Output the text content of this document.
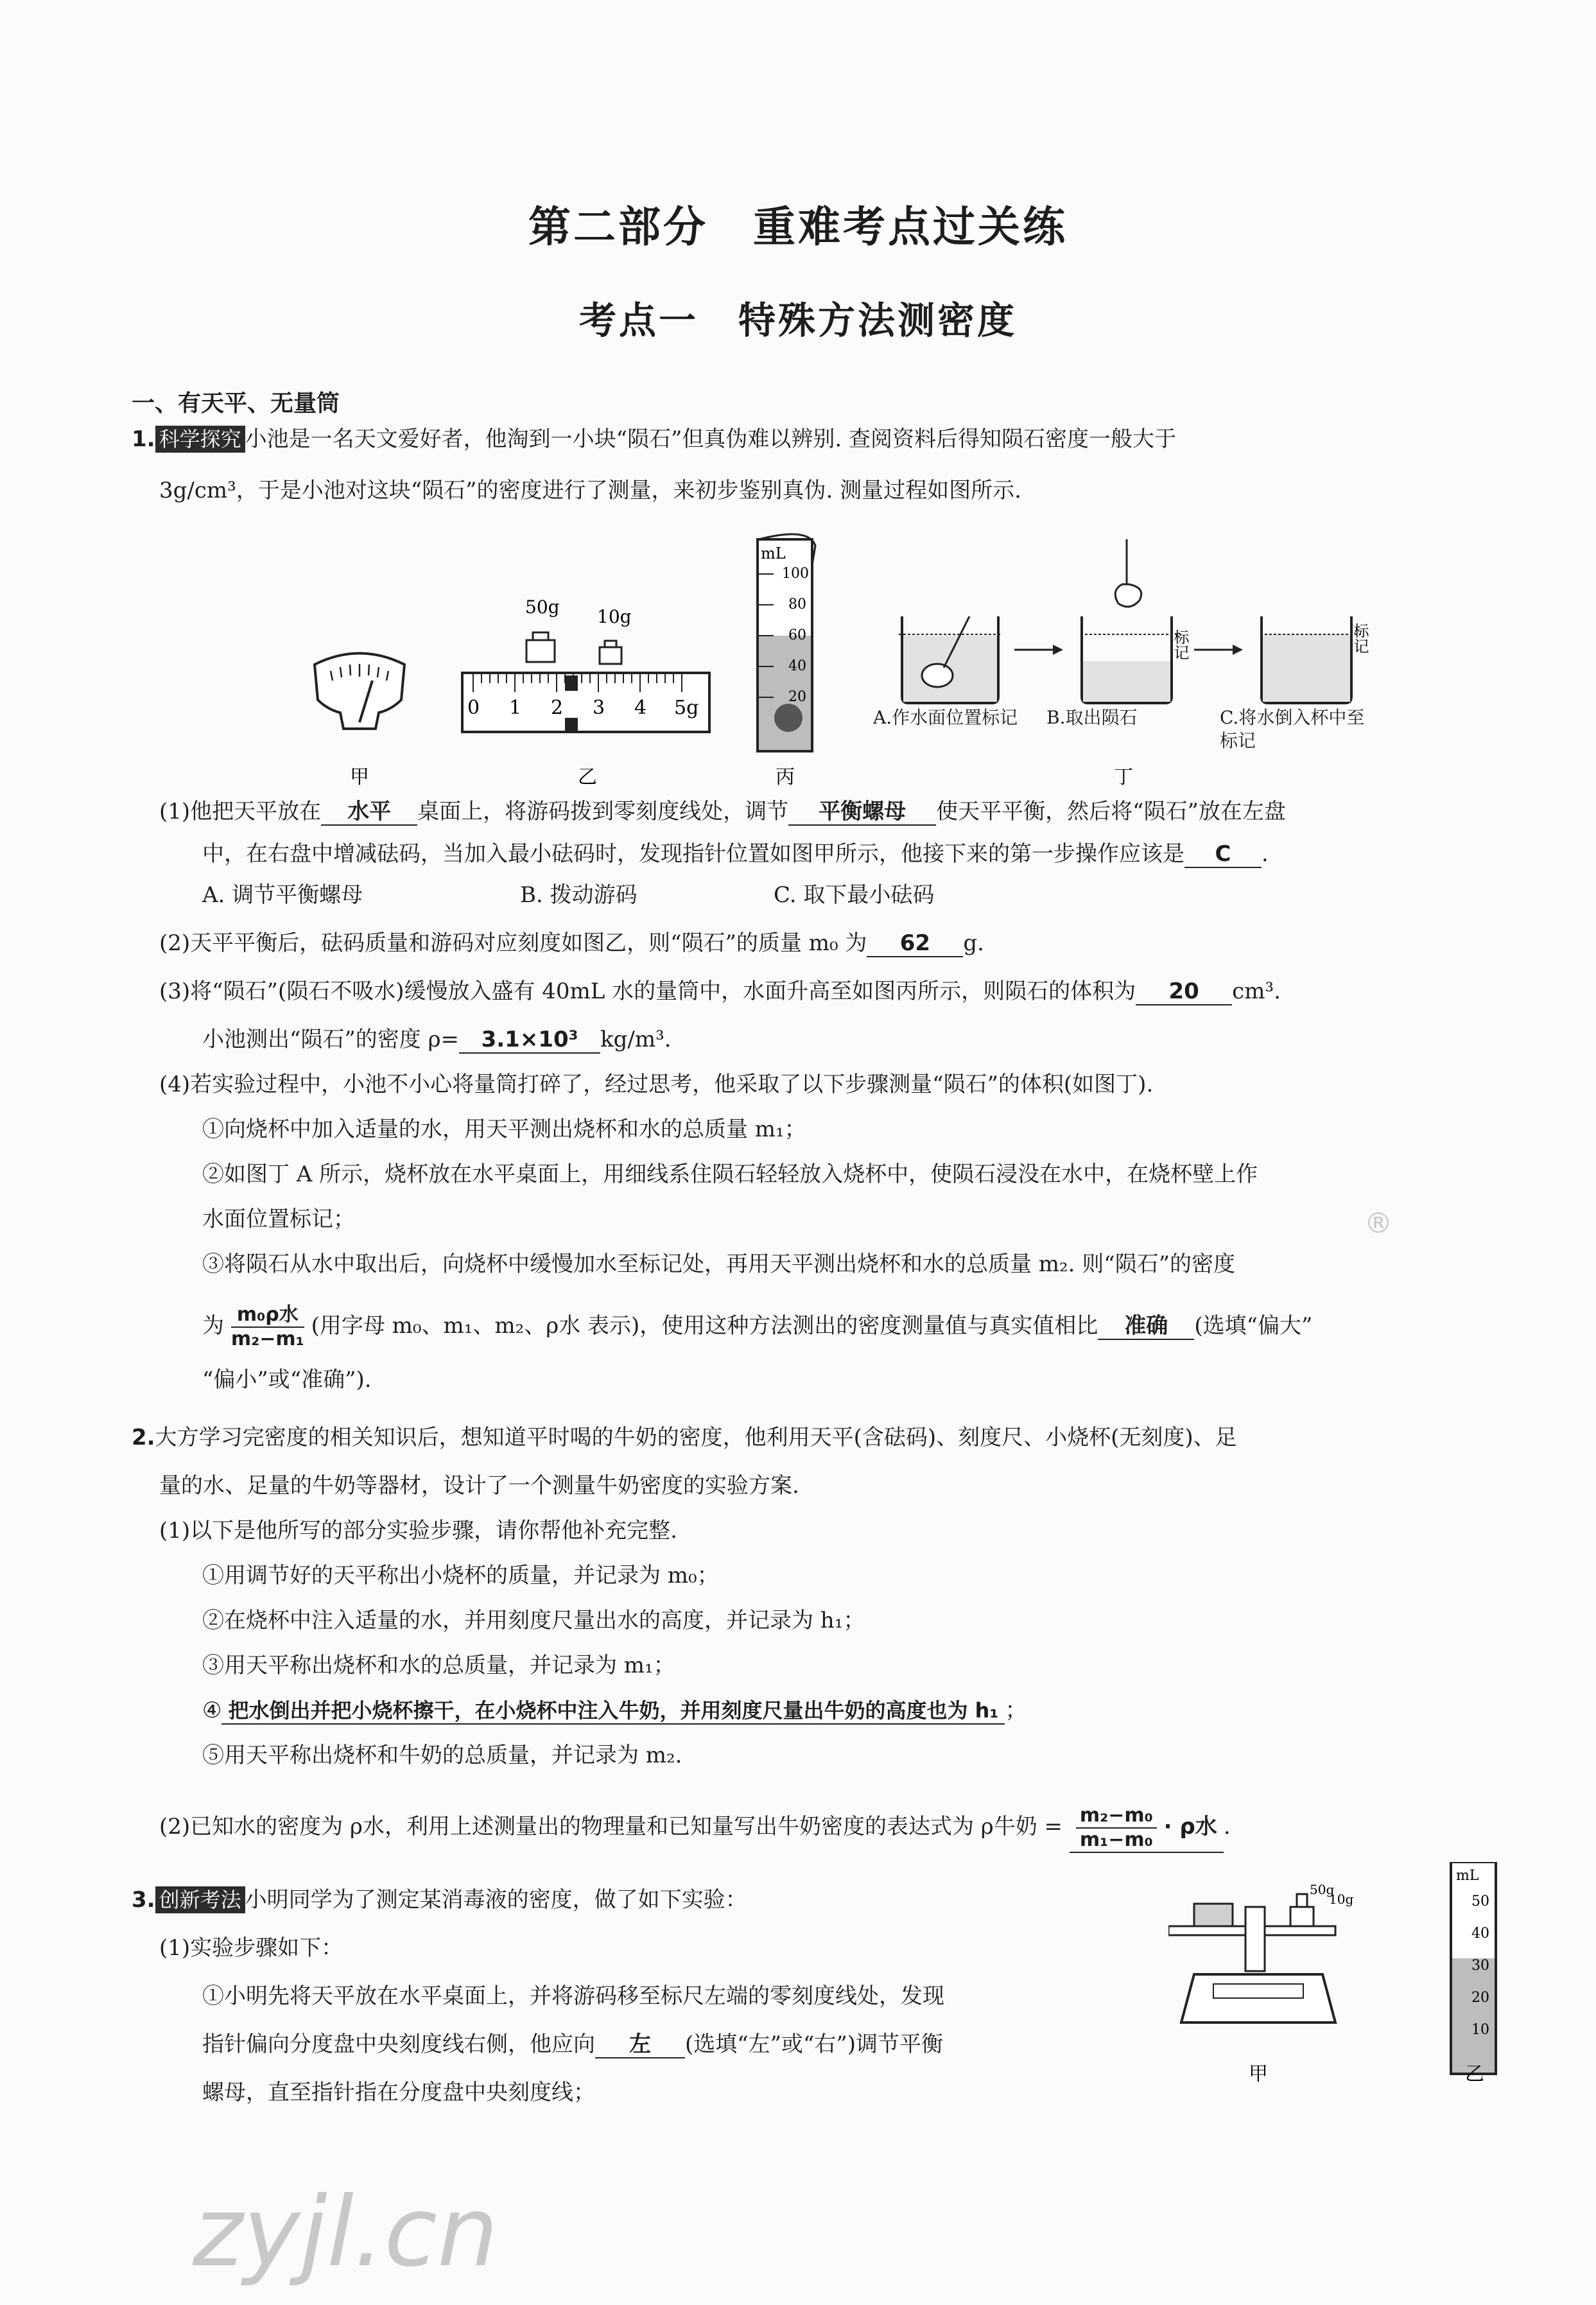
第二部分　重难考点过关练
考点一　特殊方法测密度
一、有天平、无量筒
1. 科学探究 小池是一名天文爱好者，他淘到一小块“陨石”但真伪难以辨别. 查阅资料后得知陨石密度一般大于
3g/cm³，于是小池对这块“陨石”的密度进行了测量，来初步鉴别真伪. 测量过程如图所示.
50g 10g
0 1 2 3 4 5g
mL
100
80
60
40
20
标记	标记
A.作水面位置标记	B.取出陨石	C.将水倒入杯中至标记
甲	乙	丙	丁
(1)他把天平放在 水平 桌面上，将游码拨到零刻度线处，调节 平衡螺母 使天平平衡，然后将“陨石”放在左盘
中，在右盘中增减砝码，当加入最小砝码时，发现指针位置如图甲所示，他接下来的第一步操作应该是 C .
A. 调节平衡螺母	B. 拨动游码	C. 取下最小砝码
(2)天平平衡后，砝码质量和游码对应刻度如图乙，则“陨石”的质量 m₀ 为 62 g.
(3)将“陨石”(陨石不吸水)缓慢放入盛有 40mL 水的量筒中，水面升高至如图丙所示，则陨石的体积为 20 cm³.
小池测出“陨石”的密度 ρ= 3.1×10³ kg/m³.
(4)若实验过程中，小池不小心将量筒打碎了，经过思考，他采取了以下步骤测量“陨石”的体积(如图丁).
①向烧杯中加入适量的水，用天平测出烧杯和水的总质量 m₁；
②如图丁 A 所示，烧杯放在水平桌面上，用细线系住陨石轻轻放入烧杯中，使陨石浸没在水中，在烧杯壁上作
水面位置标记；
③将陨石从水中取出后，向烧杯中缓慢加水至标记处，再用天平测出烧杯和水的总质量 m₂. 则“陨石”的密度
为 $\frac{\text{m₀ρ水}}{\text{m₂−m₁}}$ (用字母 m₀、m₁、m₂、ρ水 表示)，使用这种方法测出的密度测量值与真实值相比 准确 (选填“偏大”
“偏小”或“准确”).
2.大方学习完密度的相关知识后，想知道平时喝的牛奶的密度，他利用天平(含砝码)、刻度尺、小烧杯(无刻度)、足
量的水、足量的牛奶等器材，设计了一个测量牛奶密度的实验方案.
(1)以下是他所写的部分实验步骤，请你帮他补充完整.
①用调节好的天平称出小烧杯的质量，并记录为 m₀；
②在烧杯中注入适量的水，并用刻度尺量出水的高度，并记录为 h₁；
③用天平称出烧杯和水的总质量，并记录为 m₁；
④ 把水倒出并把小烧杯擦干，在小烧杯中注入牛奶，并用刻度尺量出牛奶的高度也为 h₁ ；
⑤用天平称出烧杯和牛奶的总质量，并记录为 m₂.
(2)已知水的密度为 ρ水，利用上述测量出的物理量和已知量写出牛奶密度的表达式为 ρ牛奶 = $\frac{\text{m₂−m₀}}{\text{m₁−m₀}} \cdot \rho$水 .
3. 创新考法 小明同学为了测定某消毒液的密度，做了如下实验：
(1)实验步骤如下：
①小明先将天平放在水平桌面上，并将游码移至标尺左端的零刻度线处，发现
指针偏向分度盘中央刻度线右侧，他应向 左 (选填“左”或“右”)调节平衡
螺母，直至指针指在分度盘中央刻度线；
50g
10g
甲
mL
50
40
30
20
10
乙
zyjl.cn
®
